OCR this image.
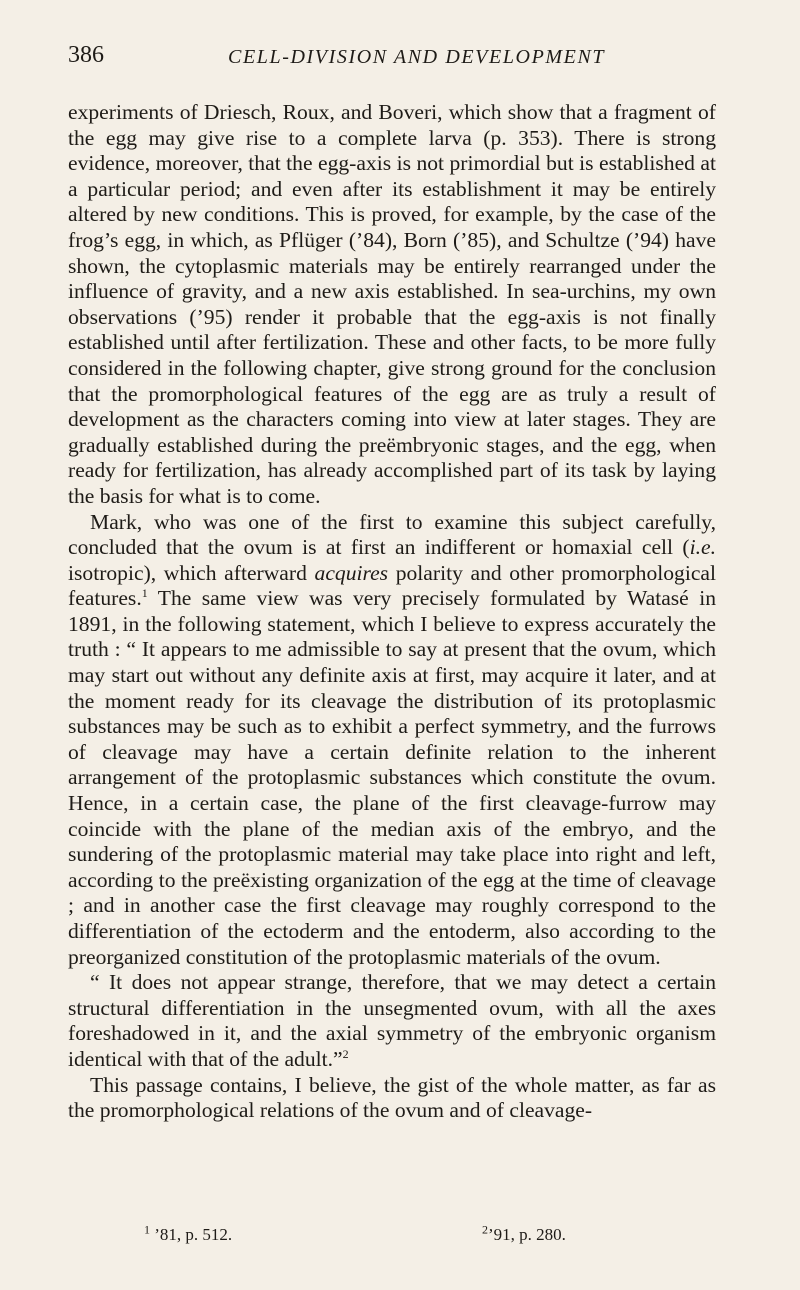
386	CELL-DIVISION AND DEVELOPMENT

experiments of Driesch, Roux, and Boveri, which show that a fragment of the egg may give rise to a complete larva (p. 353). There is strong evidence, moreover, that the egg-axis is not primordial but is established at a particular period; and even after its establishment it may be entirely altered by new conditions. This is proved, for example, by the case of the frog’s egg, in which, as Pflüger (’84), Born (’85), and Schultze (’94) have shown, the cytoplasmic materials may be entirely rearranged under the influence of gravity, and a new axis established. In sea-urchins, my own observations (’95) render it probable that the egg-axis is not finally established until after fertilization. These and other facts, to be more fully considered in the following chapter, give strong ground for the conclusion that the promorphological features of the egg are as truly a result of development as the characters coming into view at later stages. They are gradually established during the preëmbryonic stages, and the egg, when ready for fertilization, has already accomplished part of its task by laying the basis for what is to come.

Mark, who was one of the first to examine this subject carefully, concluded that the ovum is at first an indifferent or homaxial cell (i.e. isotropic), which afterward acquires polarity and other promorphological features.$^1$ The same view was very precisely formulated by Watasé in 1891, in the following statement, which I believe to express accurately the truth : “ It appears to me admissible to say at present that the ovum, which may start out without any definite axis at first, may acquire it later, and at the moment ready for its cleavage the distribution of its protoplasmic substances may be such as to exhibit a perfect symmetry, and the furrows of cleavage may have a certain definite relation to the inherent arrangement of the protoplasmic substances which constitute the ovum. Hence, in a certain case, the plane of the first cleavage-furrow may coincide with the plane of the median axis of the embryo, and the sundering of the protoplasmic material may take place into right and left, according to the preëxisting organization of the egg at the time of cleavage ; and in another case the first cleavage may roughly correspond to the differentiation of the ectoderm and the entoderm, also according to the preorganized constitution of the protoplasmic materials of the ovum.

“ It does not appear strange, therefore, that we may detect a certain structural differentiation in the unsegmented ovum, with all the axes foreshadowed in it, and the axial symmetry of the embryonic organism identical with that of the adult.”$^2$

This passage contains, I believe, the gist of the whole matter, as far as the promorphological relations of the ovum and of cleavage-

$^1$ ’81, p. 512.	$^2$’91, p. 280.
